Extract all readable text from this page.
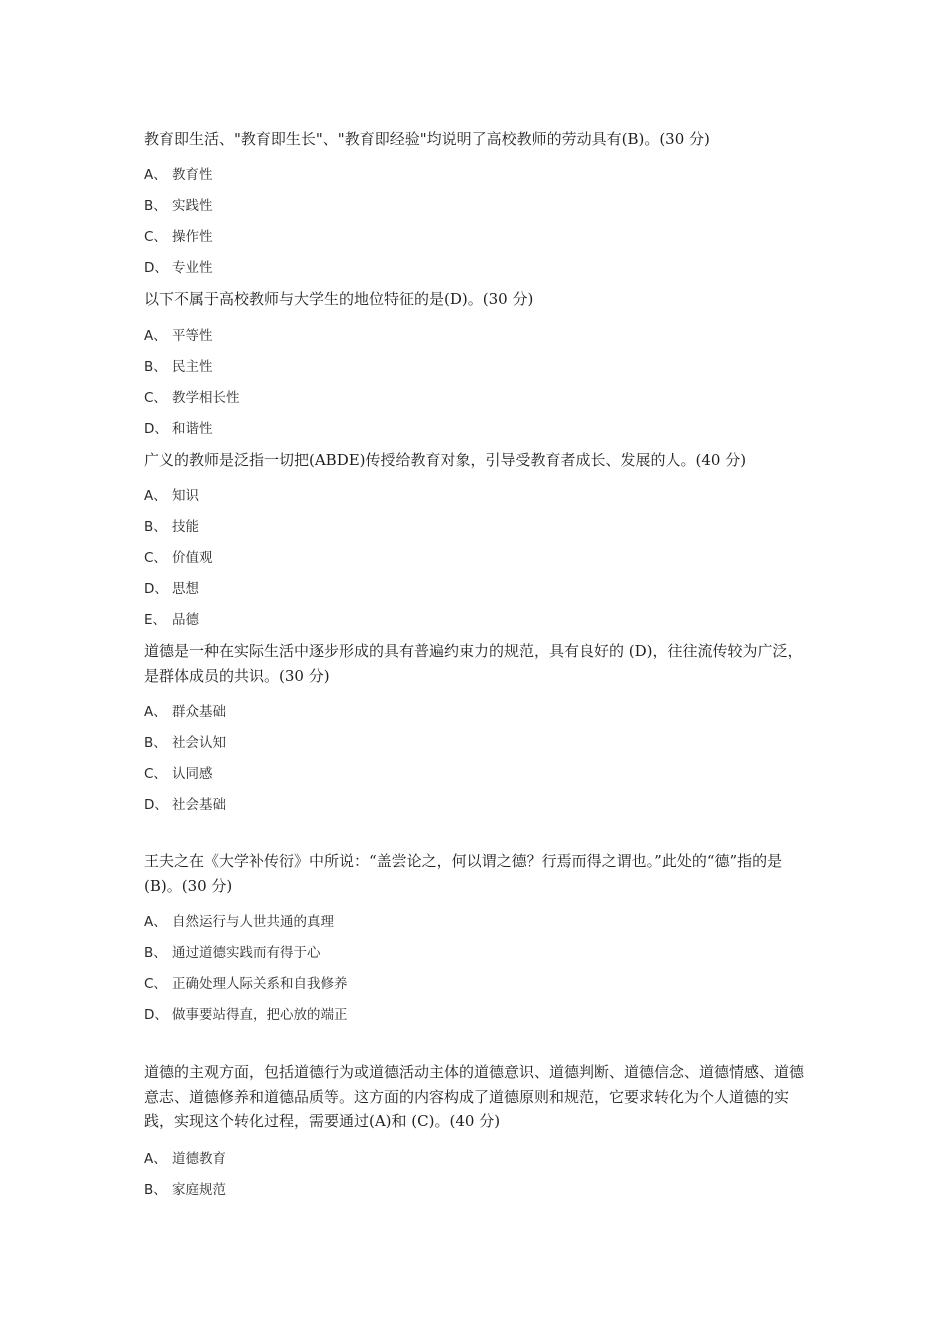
教育即生活、"教育即生长"、"教育即经验"均说明了高校教师的劳动具有(B)。(30 分)

A、 教育性
B、 实践性
C、 操作性
D、 专业性

以下不属于高校教师与大学生的地位特征的是(D)。(30 分)

A、 平等性
B、 民主性
C、 教学相长性
D、 和谐性

广义的教师是泛指一切把(ABDE)传授给教育对象，引导受教育者成长、发展的人。(40 分)

A、 知识
B、 技能
C、 价值观
D、 思想
E、 品德

道德是一种在实际生活中逐步形成的具有普遍约束力的规范，具有良好的 (D)，往往流传较为广泛，是群体成员的共识。(30 分)

A、 群众基础
B、 社会认知
C、 认同感
D、 社会基础

王夫之在《大学补传衍》中所说：“盖尝论之，何以谓之德？行焉而得之谓也。”此处的“德”指的是(B)。(30 分)

A、 自然运行与人世共通的真理
B、 通过道德实践而有得于心
C、 正确处理人际关系和自我修养
D、 做事要站得直，把心放的端正

道德的主观方面，包括道德行为或道德活动主体的道德意识、道德判断、道德信念、道德情感、道德意志、道德修养和道德品质等。这方面的内容构成了道德原则和规范，它要求转化为个人道德的实践，实现这个转化过程，需要通过(A)和 (C)。(40 分)

A、 道德教育
B、 家庭规范
